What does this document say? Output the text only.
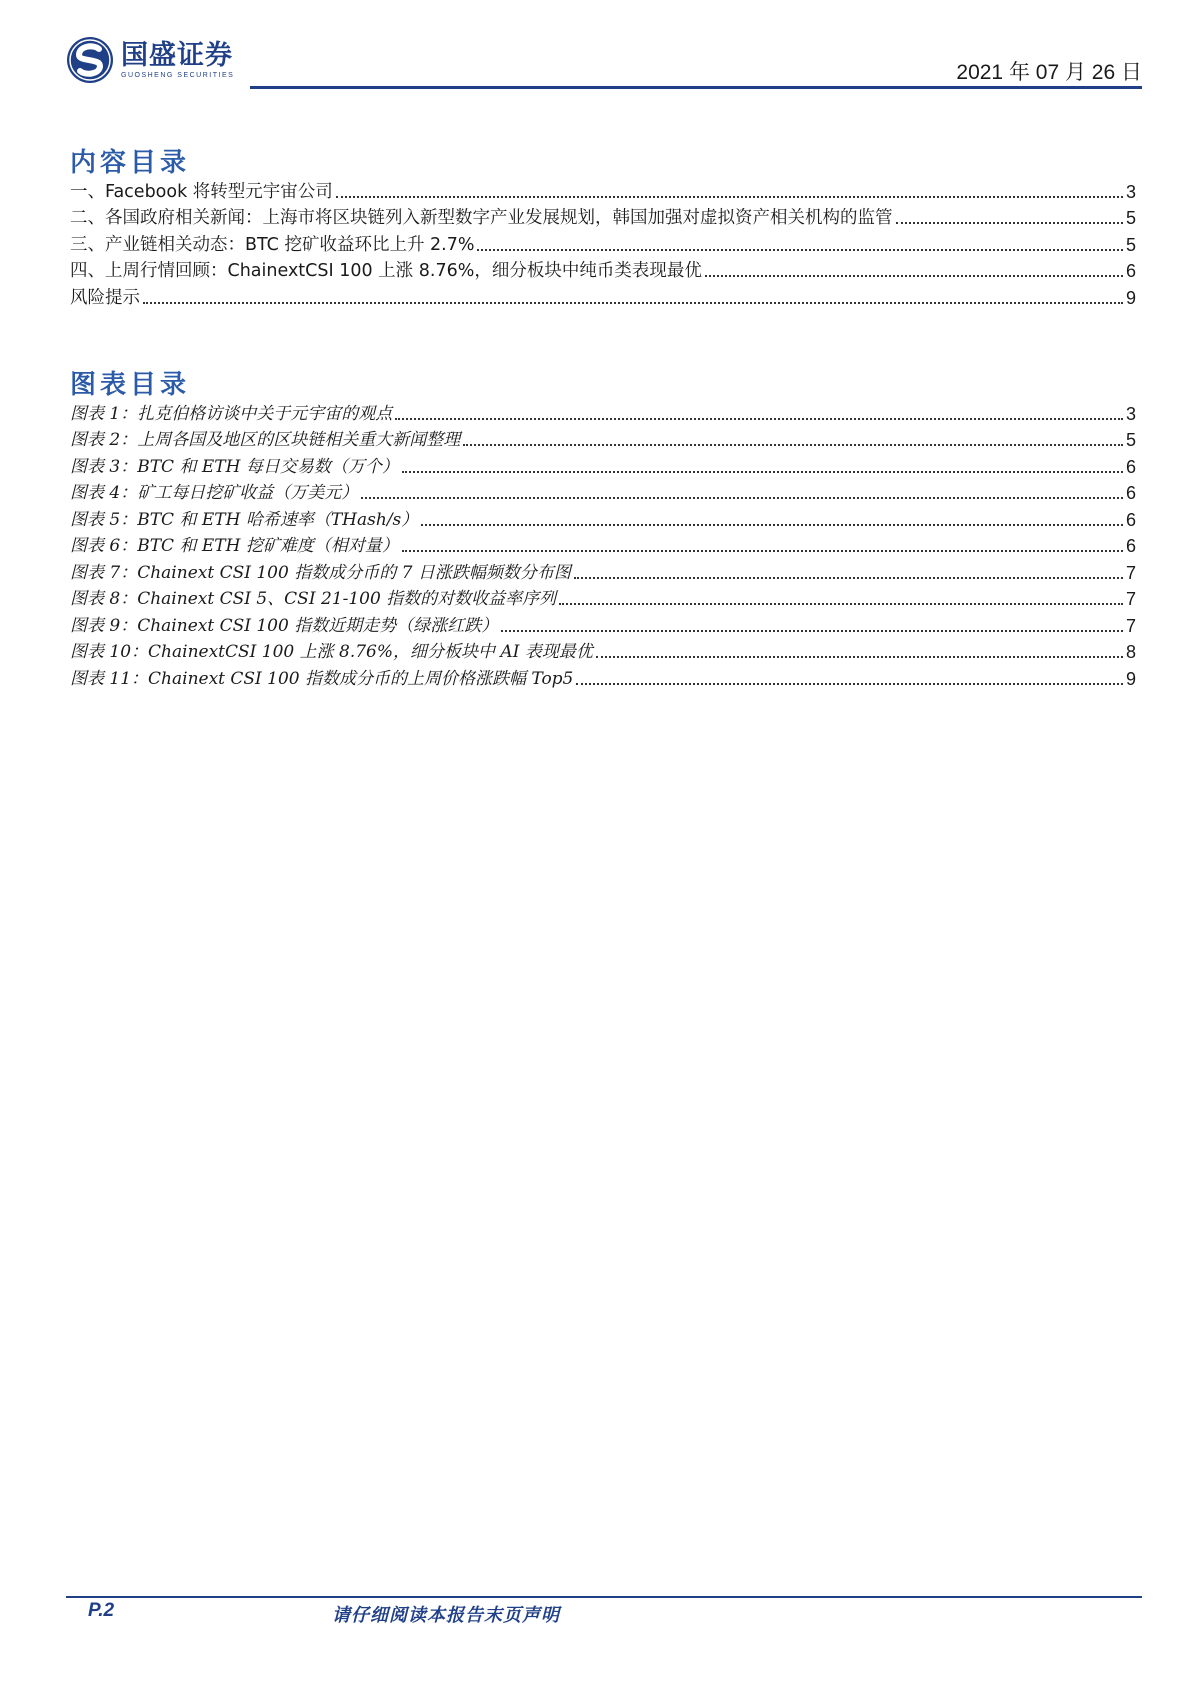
国盛证券
GUOSHENG SECURITIES	2021 年 07 月 26 日
内容目录
一、Facebook 将转型元宇宙公司	3
二、各国政府相关新闻：上海市将区块链列入新型数字产业发展规划，韩国加强对虚拟资产相关机构的监管	5
三、产业链相关动态：BTC 挖矿收益环比上升 2.7%	5
四、上周行情回顾：ChainextCSI 100 上涨 8.76%，细分板块中纯币类表现最优	6
风险提示	9
图表目录
图表 1：扎克伯格访谈中关于元宇宙的观点	3
图表 2：上周各国及地区的区块链相关重大新闻整理	5
图表 3：BTC 和 ETH 每日交易数（万个）	6
图表 4：矿工每日挖矿收益（万美元）	6
图表 5：BTC 和 ETH 哈希速率（THash/s）	6
图表 6：BTC 和 ETH 挖矿难度（相对量）	6
图表 7：Chainext CSI 100 指数成分币的 7 日涨跌幅频数分布图	7
图表 8：Chainext CSI 5、CSI 21-100 指数的对数收益率序列	7
图表 9：Chainext CSI 100 指数近期走势（绿涨红跌）	7
图表 10：ChainextCSI 100 上涨 8.76%，细分板块中 AI 表现最优	8
图表 11：Chainext CSI 100 指数成分币的上周价格涨跌幅 Top5	9
P.2	请仔细阅读本报告末页声明
